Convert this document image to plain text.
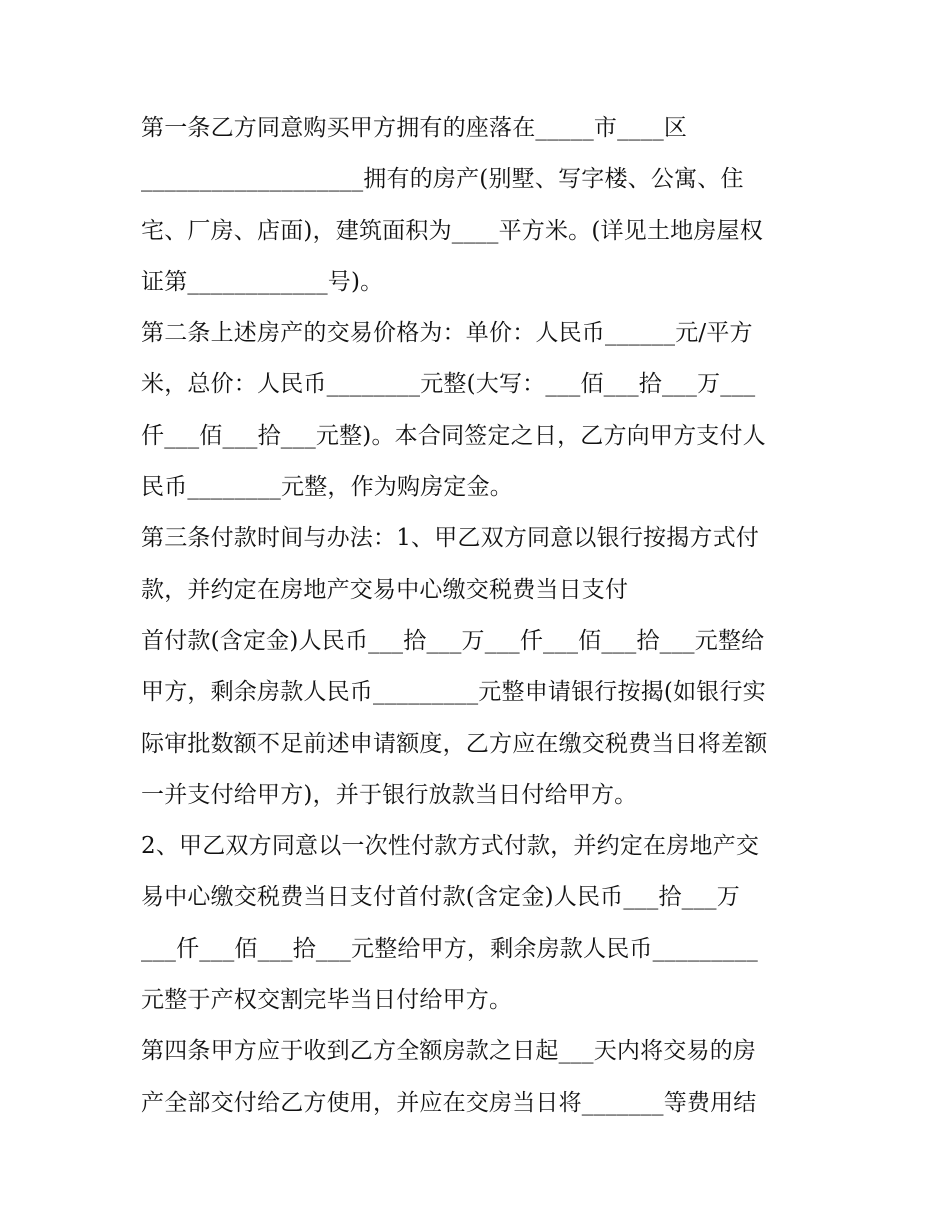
第一条乙方同意购买甲方拥有的座落在_____市____区
___________________拥有的房产(别墅、写字楼、公寓、住
宅、厂房、店面)，建筑面积为____平方米。(详见土地房屋权
证第____________号)。
第二条上述房产的交易价格为：单价：人民币______元/平方
米，总价：人民币________元整(大写：___佰___拾___万___
仟___佰___拾___元整)。本合同签定之日，乙方向甲方支付人
民币________元整，作为购房定金。
第三条付款时间与办法：1、甲乙双方同意以银行按揭方式付
款，并约定在房地产交易中心缴交税费当日支付
首付款(含定金)人民币___拾___万___仟___佰___拾___元整给
甲方，剩余房款人民币_________元整申请银行按揭(如银行实
际审批数额不足前述申请额度，乙方应在缴交税费当日将差额
一并支付给甲方)，并于银行放款当日付给甲方。
2、甲乙双方同意以一次性付款方式付款，并约定在房地产交
易中心缴交税费当日支付首付款(含定金)人民币___拾___万
___仟___佰___拾___元整给甲方，剩余房款人民币_________
元整于产权交割完毕当日付给甲方。
第四条甲方应于收到乙方全额房款之日起___天内将交易的房
产全部交付给乙方使用，并应在交房当日将_______等费用结
